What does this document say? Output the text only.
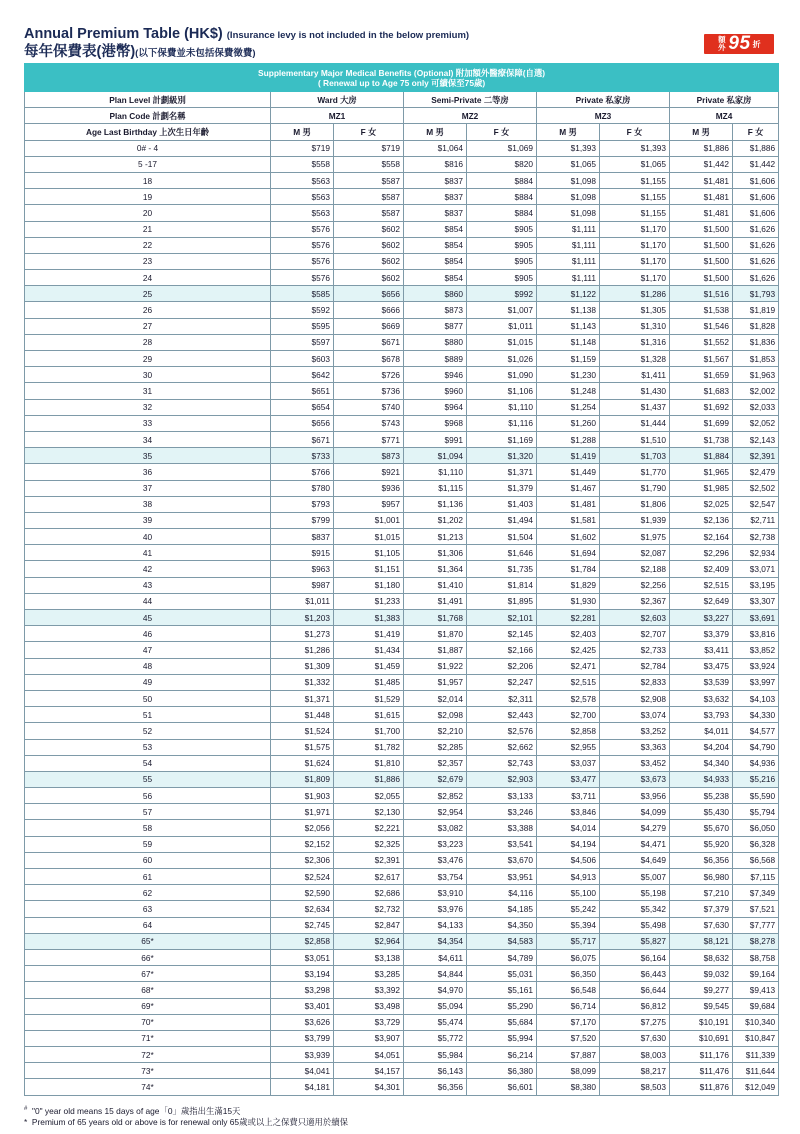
Annual Premium Table (HK$) (Insurance levy is not included in the below premium)
每年保費表(港幣)(以下保費並未包括保費徵費)
額外 95 折
Supplementary Major Medical Benefits (Optional) 附加額外醫療保障(自選)
( Renewal up to Age 75 only 可續保至75歲)								

Plan Level 計劃級別	Ward 大房		Semi-Private 二等房		Private 私家房		Private 私家房	
Plan Code 計劃名稱	MZ1		MZ2		MZ3		MZ4	
Age Last Birthday 上次生日年齡	M 男	F 女	M 男	F 女	M 男	F 女	M 男	F 女
0# - 4	$719	$719	$1,064	$1,069	$1,393	$1,393	$1,886	$1,886
5 -17	$558	$558	$816	$820	$1,065	$1,065	$1,442	$1,442
18	$563	$587	$837	$884	$1,098	$1,155	$1,481	$1,606
19	$563	$587	$837	$884	$1,098	$1,155	$1,481	$1,606
20	$563	$587	$837	$884	$1,098	$1,155	$1,481	$1,606
21	$576	$602	$854	$905	$1,111	$1,170	$1,500	$1,626
22	$576	$602	$854	$905	$1,111	$1,170	$1,500	$1,626
23	$576	$602	$854	$905	$1,111	$1,170	$1,500	$1,626
24	$576	$602	$854	$905	$1,111	$1,170	$1,500	$1,626
25	$585	$656	$860	$992	$1,122	$1,286	$1,516	$1,793
26	$592	$666	$873	$1,007	$1,138	$1,305	$1,538	$1,819
27	$595	$669	$877	$1,011	$1,143	$1,310	$1,546	$1,828
28	$597	$671	$880	$1,015	$1,148	$1,316	$1,552	$1,836
29	$603	$678	$889	$1,026	$1,159	$1,328	$1,567	$1,853
30	$642	$726	$946	$1,090	$1,230	$1,411	$1,659	$1,963
31	$651	$736	$960	$1,106	$1,248	$1,430	$1,683	$2,002
32	$654	$740	$964	$1,110	$1,254	$1,437	$1,692	$2,033
33	$656	$743	$968	$1,116	$1,260	$1,444	$1,699	$2,052
34	$671	$771	$991	$1,169	$1,288	$1,510	$1,738	$2,143
35	$733	$873	$1,094	$1,320	$1,419	$1,703	$1,884	$2,391
36	$766	$921	$1,110	$1,371	$1,449	$1,770	$1,965	$2,479
37	$780	$936	$1,115	$1,379	$1,467	$1,790	$1,985	$2,502
38	$793	$957	$1,136	$1,403	$1,481	$1,806	$2,025	$2,547
39	$799	$1,001	$1,202	$1,494	$1,581	$1,939	$2,136	$2,711
40	$837	$1,015	$1,213	$1,504	$1,602	$1,975	$2,164	$2,738
41	$915	$1,105	$1,306	$1,646	$1,694	$2,087	$2,296	$2,934
42	$963	$1,151	$1,364	$1,735	$1,784	$2,188	$2,409	$3,071
43	$987	$1,180	$1,410	$1,814	$1,829	$2,256	$2,515	$3,195
44	$1,011	$1,233	$1,491	$1,895	$1,930	$2,367	$2,649	$3,307
45	$1,203	$1,383	$1,768	$2,101	$2,281	$2,603	$3,227	$3,691
46	$1,273	$1,419	$1,870	$2,145	$2,403	$2,707	$3,379	$3,816
47	$1,286	$1,434	$1,887	$2,166	$2,425	$2,733	$3,411	$3,852
48	$1,309	$1,459	$1,922	$2,206	$2,471	$2,784	$3,475	$3,924
49	$1,332	$1,485	$1,957	$2,247	$2,515	$2,833	$3,539	$3,997
50	$1,371	$1,529	$2,014	$2,311	$2,578	$2,908	$3,632	$4,103
51	$1,448	$1,615	$2,098	$2,443	$2,700	$3,074	$3,793	$4,330
52	$1,524	$1,700	$2,210	$2,576	$2,858	$3,252	$4,011	$4,577
53	$1,575	$1,782	$2,285	$2,662	$2,955	$3,363	$4,204	$4,790
54	$1,624	$1,810	$2,357	$2,743	$3,037	$3,452	$4,340	$4,936
55	$1,809	$1,886	$2,679	$2,903	$3,477	$3,673	$4,933	$5,216
56	$1,903	$2,055	$2,852	$3,133	$3,711	$3,956	$5,238	$5,590
57	$1,971	$2,130	$2,954	$3,246	$3,846	$4,099	$5,430	$5,794
58	$2,056	$2,221	$3,082	$3,388	$4,014	$4,279	$5,670	$6,050
59	$2,152	$2,325	$3,223	$3,541	$4,194	$4,471	$5,920	$6,328
60	$2,306	$2,391	$3,476	$3,670	$4,506	$4,649	$6,356	$6,568
61	$2,524	$2,617	$3,754	$3,951	$4,913	$5,007	$6,980	$7,115
62	$2,590	$2,686	$3,910	$4,116	$5,100	$5,198	$7,210	$7,349
63	$2,634	$2,732	$3,976	$4,185	$5,242	$5,342	$7,379	$7,521
64	$2,745	$2,847	$4,133	$4,350	$5,394	$5,498	$7,630	$7,777
65*	$2,858	$2,964	$4,354	$4,583	$5,717	$5,827	$8,121	$8,278
66*	$3,051	$3,138	$4,611	$4,789	$6,075	$6,164	$8,632	$8,758
67*	$3,194	$3,285	$4,844	$5,031	$6,350	$6,443	$9,032	$9,164
68*	$3,298	$3,392	$4,970	$5,161	$6,548	$6,644	$9,277	$9,413
69*	$3,401	$3,498	$5,094	$5,290	$6,714	$6,812	$9,545	$9,684
70*	$3,626	$3,729	$5,474	$5,684	$7,170	$7,275	$10,191	$10,340
71*	$3,799	$3,907	$5,772	$5,994	$7,520	$7,630	$10,691	$10,847
72*	$3,939	$4,051	$5,984	$6,214	$7,887	$8,003	$11,176	$11,339
73*	$4,041	$4,157	$6,143	$6,380	$8,099	$8,217	$11,476	$11,644
74*	$4,181	$4,301	$6,356	$6,601	$8,380	$8,503	$11,876	$12,049
# "0" year old means 15 days of age「0」歲指出生滿15天
* Premium of 65 years old or above is for renewal only 65歲或以上之保費只適用於續保
